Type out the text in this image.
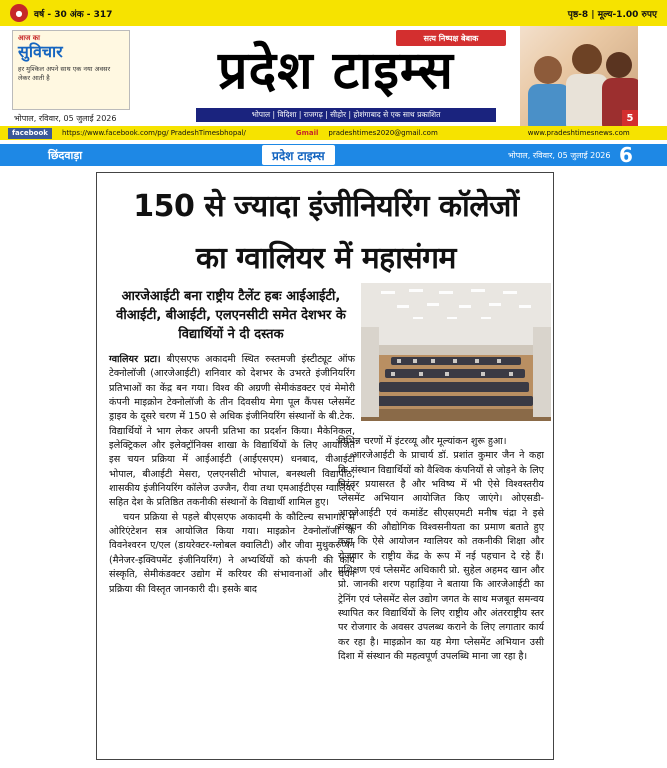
●	वर्ष - 30 अंक - 317	पृष्ठ-8 | मूल्य-1.00 रुपए
आज का
सुविचार
हर मुश्किल अपने साथ एक नया अवसर लेकर आती है
सत्य निष्पक्ष बेबाक
प्रदेश टाइम्स
भोपाल | विदिशा | राजगढ़ | सीहोर | होशंगाबाद से एक साथ प्रकाशित	5
भोपाल, रविवार, 05 जुलाई 2026
facebook	https://www.facebook.com/pg/ PradeshTimesbhopal/	Gmail pradeshtimes2020@gmail.com	www.pradeshtimesnews.com
छिंदवाड़ा	प्रदेश टाइम्स	भोपाल, रविवार, 05 जुलाई 2026 6
150 से ज्यादा इंजीनियरिंग कॉलेजों का ग्वालियर में महासंगम
आरजेआईटी बना राष्ट्रीय टैलेंट हबः आईआईटी, वीआईटी, बीआईटी, एलएनसीटी समेत देशभर के विद्यार्थियों ने दी दस्तक

ग्वालियर प्रटा। बीएसएफ अकादमी स्थित रुस्तमजी इंस्टीट्यूट ऑफ टेक्नोलॉजी (आरजेआईटी) शनिवार को देशभर के उभरते इंजीनियरिंग प्रतिभाओं का केंद्र बन गया। विश्व की अग्रणी सेमीकंडक्टर एवं मेमोरी कंपनी माइक्रोन टेक्नोलॉजी के तीन दिवसीय मेगा पूल कैंपस प्लेसमेंट ड्राइव के दूसरे चरण में 150 से अधिक इंजीनियरिंग संस्थानों के बी.टेक. विद्यार्थियों ने भाग लेकर अपनी प्रतिभा का प्रदर्शन किया। मैकेनिकल, इलेक्ट्रिकल और इलेक्ट्रॉनिक्स शाखा के विद्यार्थियों के लिए आयोजित इस चयन प्रक्रिया में आईआईटी (आईएसएम) धनबाद, वीआईटी भोपाल, बीआईटी मेसरा, एलएनसीटी भोपाल, बनस्थली विद्यापीठ, शासकीय इंजीनियरिंग कॉलेज उज्जैन, रीवा तथा एमआईटीएस ग्वालियर सहित देश के प्रतिष्ठित तकनीकी संस्थानों के विद्यार्थी शामिल हुए।

चयन प्रक्रिया से पहले बीएसएफ अकादमी के कौटिल्य सभागार में ओरिएंटेशन सत्र आयोजित किया गया। माइक्रोन टेक्नोलॉजी के विवनेश्वरन ए/एल (डायरेक्टर-ग्लोबल क्वालिटी) और जीवा मुथुकरुप्पन (मैनेजर-इक्विपमेंट इंजीनियरिंग) ने अभ्यर्थियों को कंपनी की कार्य संस्कृति, सेमीकंडक्टर उद्योग में करियर की संभावनाओं और चयन प्रक्रिया की विस्तृत जानकारी दी। इसके बाद

विभिन्न चरणों में इंटरव्यू और मूल्यांकन शुरू हुआ।

आरजेआईटी के प्राचार्य डॉ. प्रशांत कुमार जैन ने कहा कि संस्थान विद्यार्थियों को वैश्विक कंपनियों से जोड़ने के लिए निरंतर प्रयासरत है और भविष्य में भी ऐसे विश्वस्तरीय प्लेसमेंट अभियान आयोजित किए जाएंगे। ओएसडी-आरजेआईटी एवं कमांडेंट सीएसएमटी मनीष चंद्रा ने इसे संस्थान की औद्योगिक विश्वसनीयता का प्रमाण बताते हुए कहा कि ऐसे आयोजन ग्वालियर को तकनीकी शिक्षा और रोजगार के राष्ट्रीय केंद्र के रूप में नई पहचान दे रहे हैं। प्रशिक्षण एवं प्लेसमेंट अधिकारी प्रो. सुहेल अहमद खान और प्रो. जानकी शरण पहाड़िया ने बताया कि आरजेआईटी का ट्रेनिंग एवं प्लेसमेंट सेल उद्योग जगत के साथ मजबूत समन्वय स्थापित कर विद्यार्थियों के लिए राष्ट्रीय और अंतरराष्ट्रीय स्तर पर रोजगार के अवसर उपलब्ध कराने के लिए लगातार कार्य कर रहा है। माइक्रोन का यह मेगा प्लेसमेंट अभियान उसी दिशा में संस्थान की महत्वपूर्ण उपलब्धि माना जा रहा है।
